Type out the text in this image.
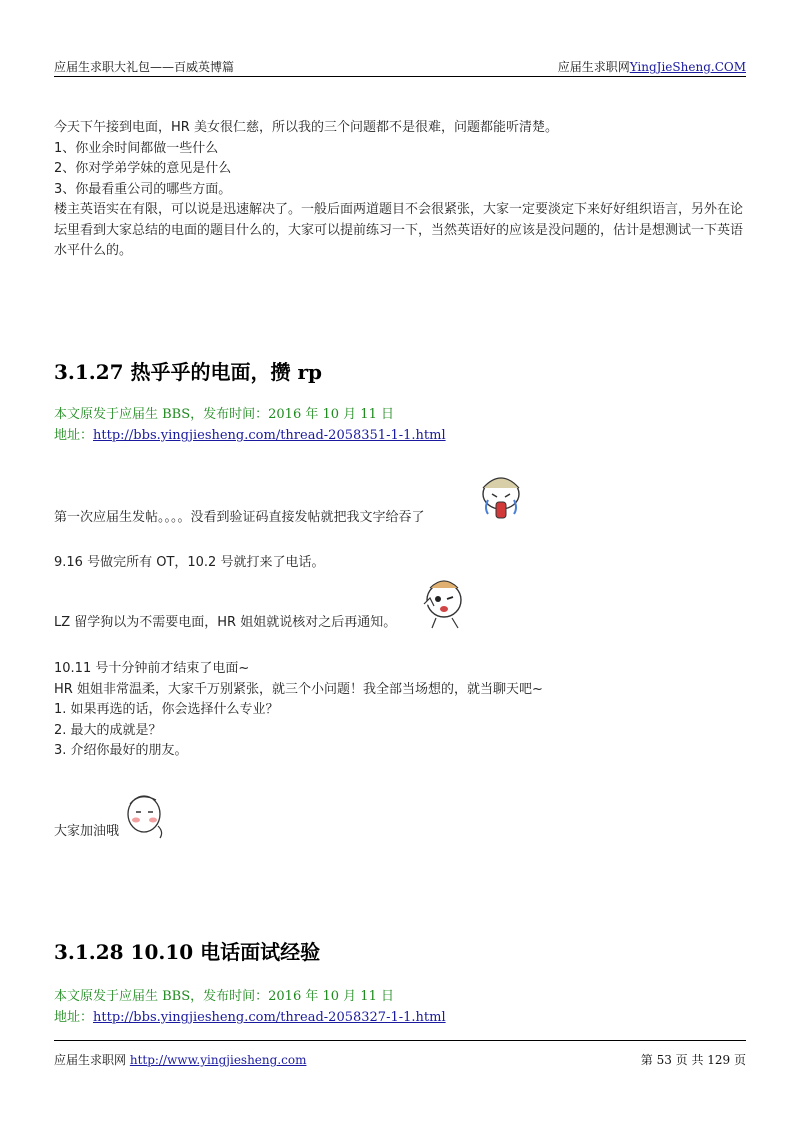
应届生求职大礼包——百威英博篇	应届生求职网YingJieSheng.COM
今天下午接到电面，HR 美女很仁慈，所以我的三个问题都不是很难，问题都能听清楚。
1、你业余时间都做一些什么
2、你对学弟学妹的意见是什么
3、你最看重公司的哪些方面。
楼主英语实在有限，可以说是迅速解决了。一般后面两道题目不会很紧张，大家一定要淡定下来好好组织语言，另外在论坛里看到大家总结的电面的题目什么的，大家可以提前练习一下，当然英语好的应该是没问题的，估计是想测试一下英语水平什么的。
3.1.27 热乎乎的电面，攒 rp
本文原发于应届生 BBS，发布时间：2016 年 10 月 11 日
地址：http://bbs.yingjiesheng.com/thread-2058351-1-1.html
第一次应届生发帖。。。。没看到验证码直接发帖就把我文字给吞了
9.16 号做完所有 OT，10.2 号就打来了电话。
LZ 留学狗以为不需要电面，HR 姐姐就说核对之后再通知。
10.11 号十分钟前才结束了电面~
HR 姐姐非常温柔，大家千万别紧张，就三个小问题！我全部当场想的，就当聊天吧~
1. 如果再选的话，你会选择什么专业？
2. 最大的成就是？
3. 介绍你最好的朋友。
大家加油哦
3.1.28 10.10 电话面试经验
本文原发于应届生 BBS，发布时间：2016 年 10 月 11 日
地址：http://bbs.yingjiesheng.com/thread-2058327-1-1.html
应届生求职网 http://www.yingjiesheng.com	第 53 页 共 129 页
